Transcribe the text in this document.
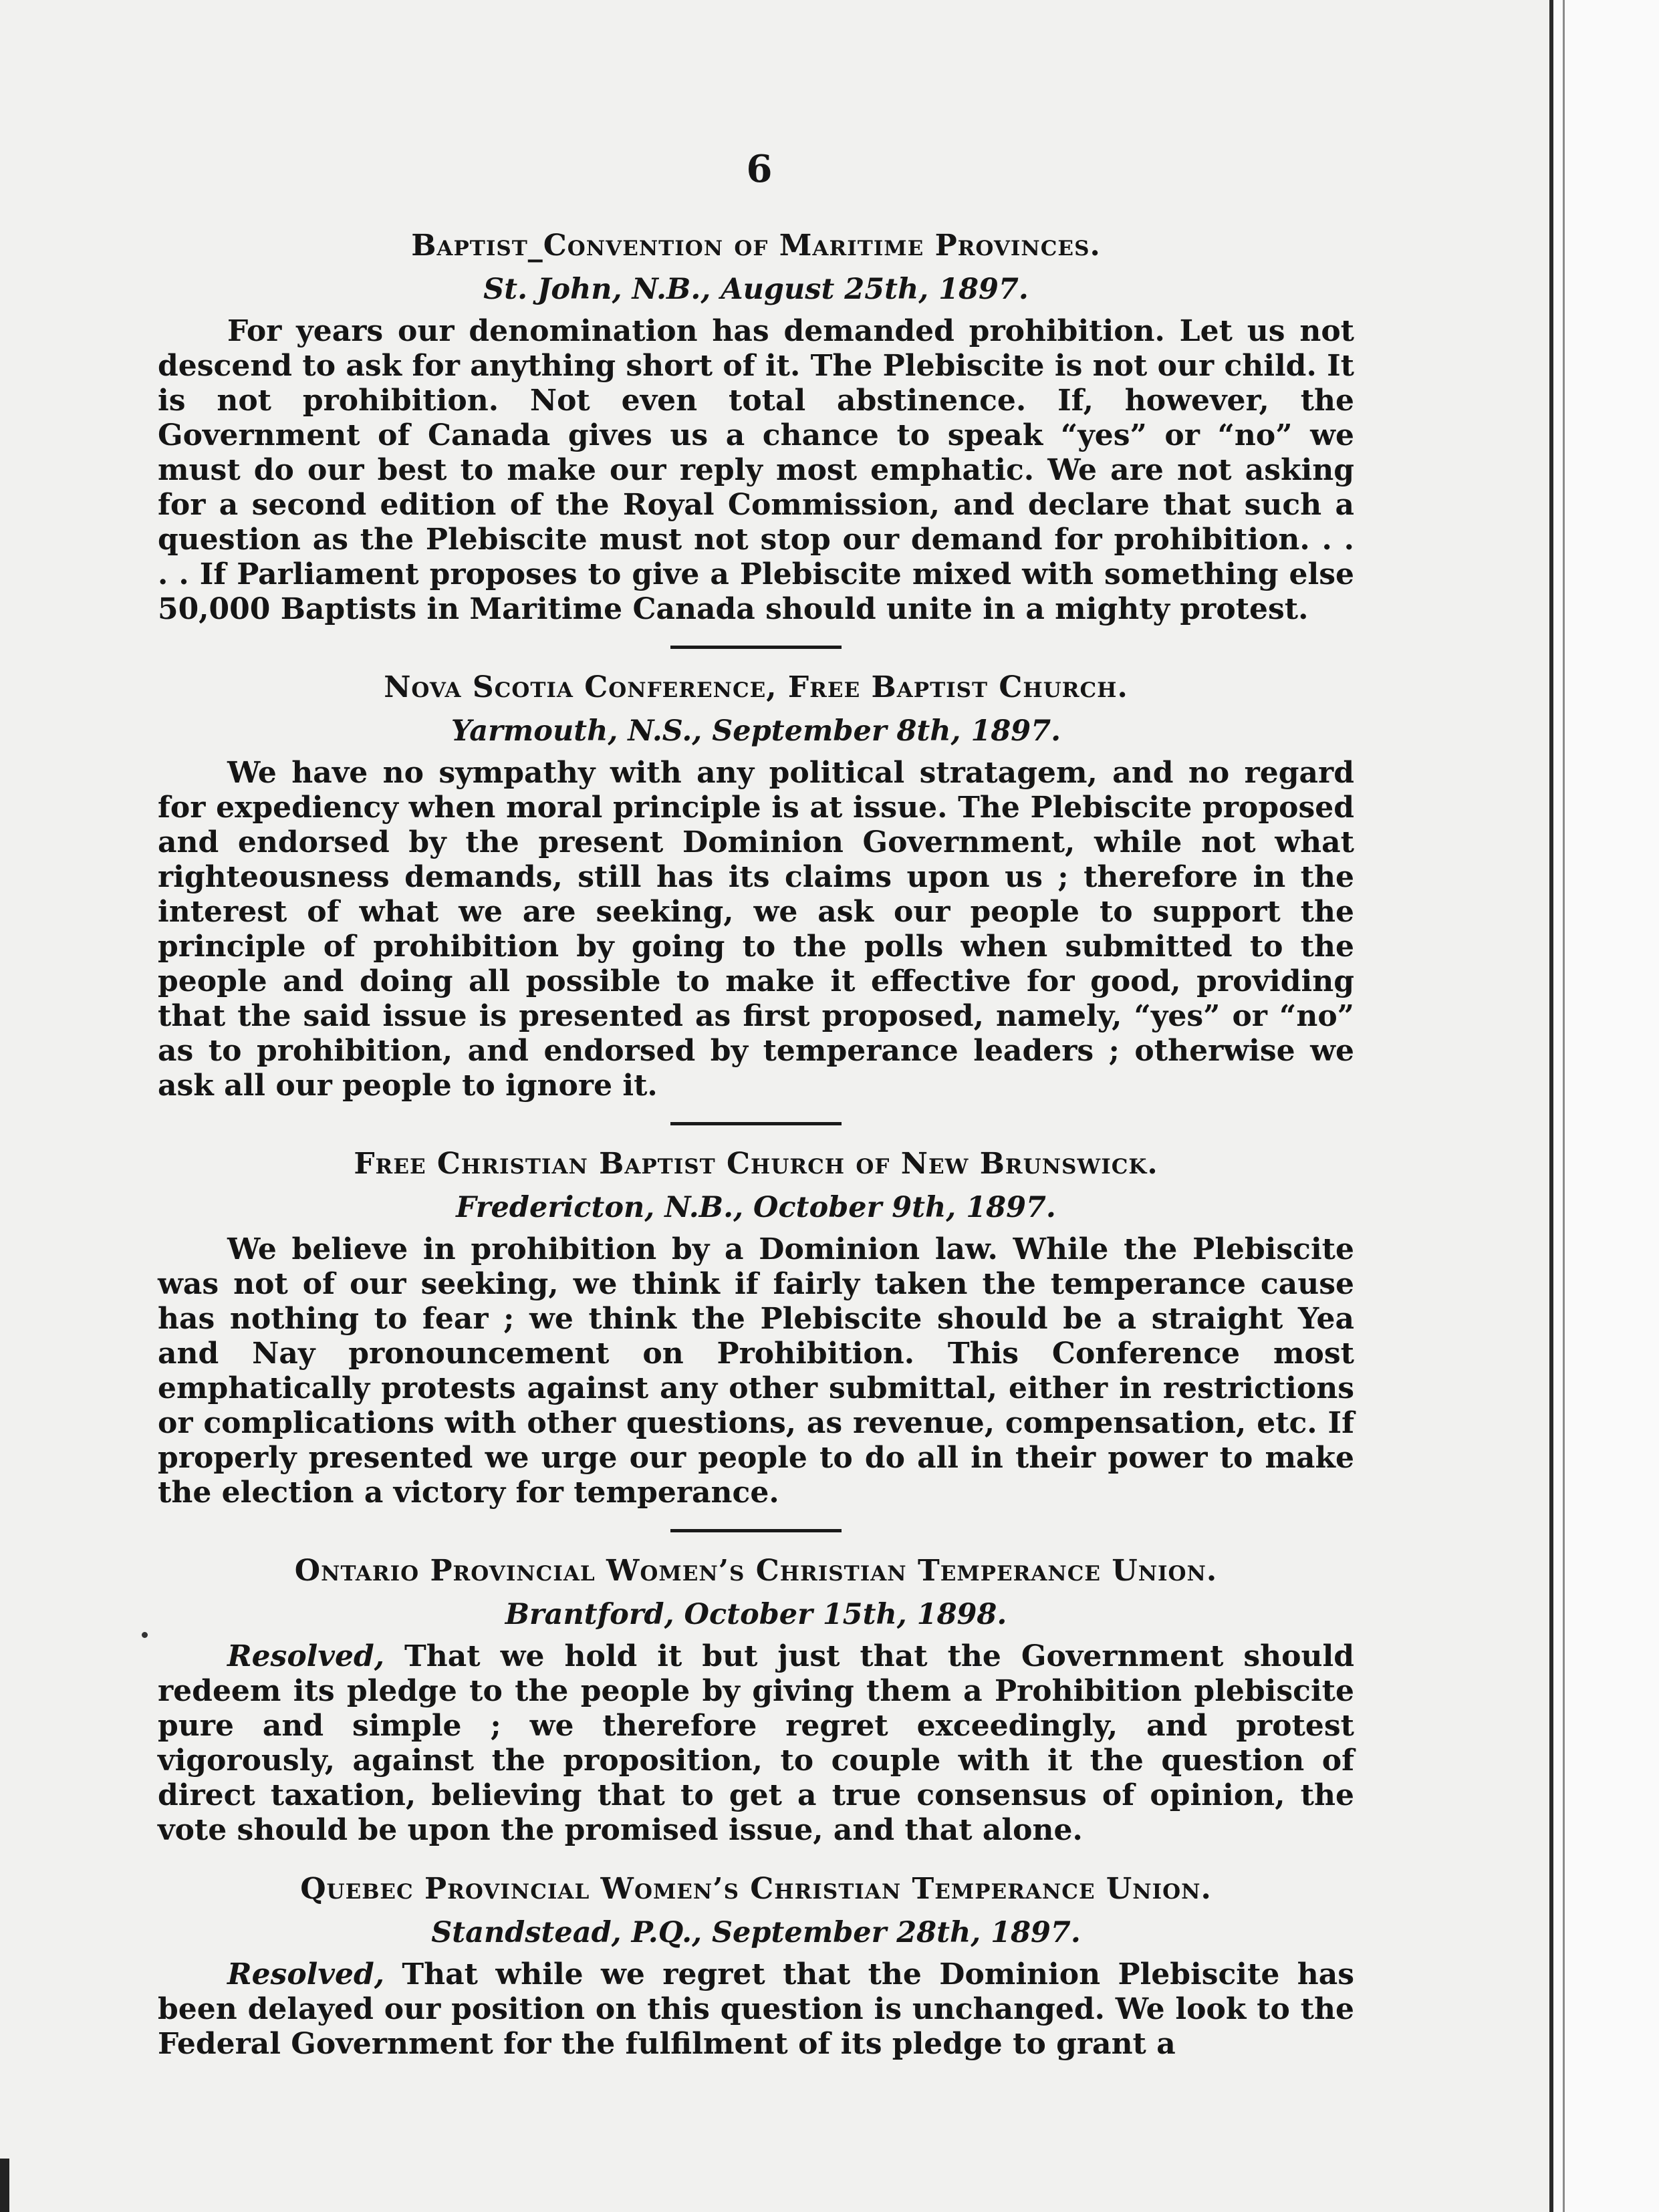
6
Baptist_Convention of Maritime Provinces.
St. John, N.B., August 25th, 1897.

For years our denomination has demanded prohibition. Let us not descend to ask for anything short of it. The Plebiscite is not our child. It is not prohibition. Not even total abstinence. If, however, the Government of Canada gives us a chance to speak “yes” or “no” we must do our best to make our reply most emphatic. We are not asking for a second edition of the Royal Commission, and declare that such a question as the Plebiscite must not stop our demand for prohibition. . . . . If Parliament proposes to give a Plebiscite mixed with something else 50,000 Baptists in Maritime Canada should unite in a mighty protest.

Nova Scotia Conference, Free Baptist Church.
Yarmouth, N.S., September 8th, 1897.

We have no sympathy with any political stratagem, and no regard for expediency when moral principle is at issue. The Plebiscite proposed and endorsed by the present Dominion Government, while not what righteousness demands, still has its claims upon us ; therefore in the interest of what we are seeking, we ask our people to support the principle of prohibition by going to the polls when submitted to the people and doing all possible to make it effective for good, providing that the said issue is presented as first proposed, namely, “yes” or “no” as to prohibition, and endorsed by temperance leaders ; otherwise we ask all our people to ignore it.

Free Christian Baptist Church of New Brunswick.
Fredericton, N.B., October 9th, 1897.

We believe in prohibition by a Dominion law. While the Plebiscite was not of our seeking, we think if fairly taken the temperance cause has nothing to fear ; we think the Plebiscite should be a straight Yea and Nay pronouncement on Prohibition. This Conference most emphatically protests against any other submittal, either in restrictions or complications with other questions, as revenue, compensation, etc. If properly presented we urge our people to do all in their power to make the election a victory for temperance.

Ontario Provincial Women’s Christian Temperance Union.
Brantford, October 15th, 1898.

Resolved, That we hold it but just that the Government should redeem its pledge to the people by giving them a Prohibition plebiscite pure and simple ; we therefore regret exceedingly, and protest vigorously, against the proposition, to couple with it the question of direct taxation, believing that to get a true consensus of opinion, the vote should be upon the promised issue, and that alone.

Quebec Provincial Women’s Christian Temperance Union.
Standstead, P.Q., September 28th, 1897.

Resolved, That while we regret that the Dominion Plebiscite has been delayed our position on this question is unchanged. We look to the Federal Government for the fulfilment of its pledge to grant a
